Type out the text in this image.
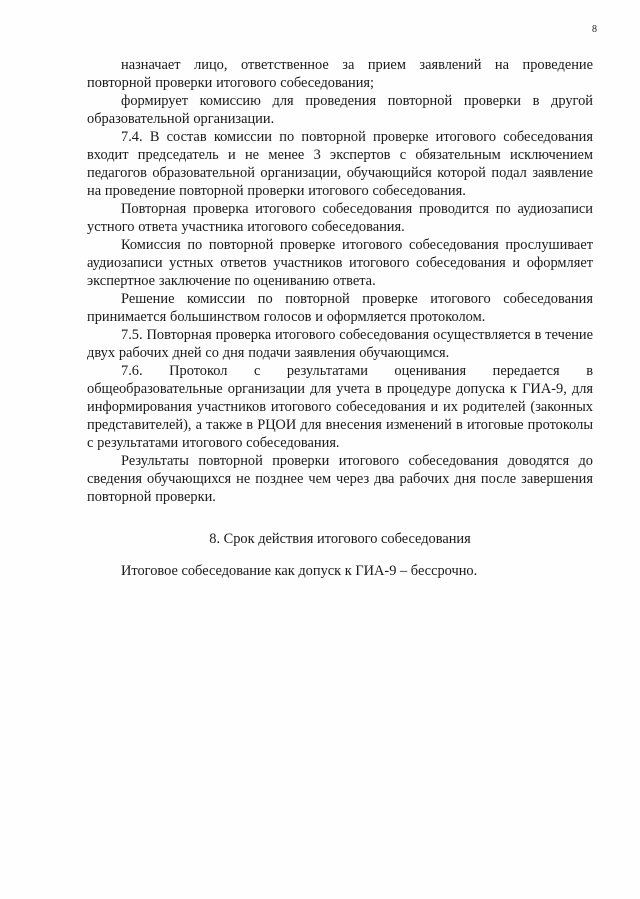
8

назначает лицо, ответственное за прием заявлений на проведение повторной проверки итогового собеседования;

формирует комиссию для проведения повторной проверки в другой образовательной организации.

7.4. В состав комиссии по повторной проверке итогового собеседования входит председатель и не менее 3 экспертов с обязательным исключением педагогов образовательной организации, обучающийся которой подал заявление на проведение повторной проверки итогового собеседования.

Повторная проверка итогового собеседования проводится по аудиозаписи устного ответа участника итогового собеседования.

Комиссия по повторной проверке итогового собеседования прослушивает аудиозаписи устных ответов участников итогового собеседования и оформляет экспертное заключение по оцениванию ответа.

Решение комиссии по повторной проверке итогового собеседования принимается большинством голосов и оформляется протоколом.

7.5. Повторная проверка итогового собеседования осуществляется в течение двух рабочих дней со дня подачи заявления обучающимся.

7.6. Протокол с результатами оценивания передается в общеобразовательные организации для учета в процедуре допуска к ГИА-9, для информирования участников итогового собеседования и их родителей (законных представителей), а также в РЦОИ для внесения изменений в итоговые протоколы с результатами итогового собеседования.

Результаты повторной проверки итогового собеседования доводятся до сведения обучающихся не позднее чем через два рабочих дня после завершения повторной проверки.

8. Срок действия итогового собеседования

Итоговое собеседование как допуск к ГИА-9 – бессрочно.
